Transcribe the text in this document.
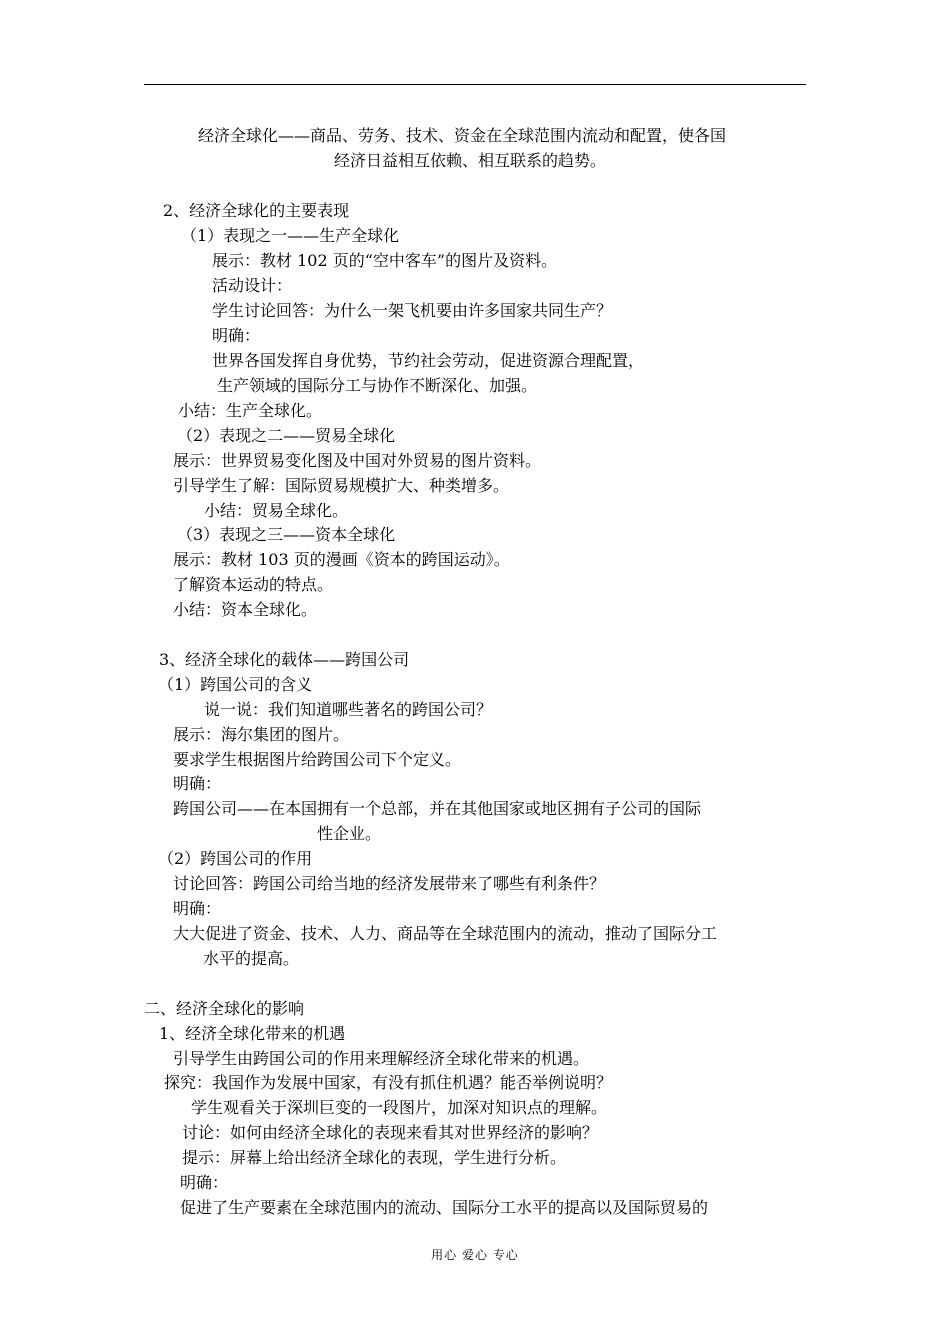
经济全球化——商品、劳务、技术、资金在全球范围内流动和配置，使各国
经济日益相互依赖、相互联系的趋势。
2、经济全球化的主要表现
（1）表现之一——生产全球化
展示：教材 102 页的“空中客车”的图片及资料。
活动设计：
学生讨论回答：为什么一架飞机要由许多国家共同生产？
明确：
世界各国发挥自身优势，节约社会劳动，促进资源合理配置，
生产领域的国际分工与协作不断深化、加强。
小结：生产全球化。
（2）表现之二——贸易全球化
展示：世界贸易变化图及中国对外贸易的图片资料。
引导学生了解：国际贸易规模扩大、种类增多。
小结：贸易全球化。
（3）表现之三——资本全球化
展示：教材 103 页的漫画《资本的跨国运动》。
了解资本运动的特点。
小结：资本全球化。
3、经济全球化的载体——跨国公司
（1）跨国公司的含义
说一说：我们知道哪些著名的跨国公司？
展示：海尔集团的图片。
要求学生根据图片给跨国公司下个定义。
明确：
跨国公司——在本国拥有一个总部，并在其他国家或地区拥有子公司的国际
性企业。
（2）跨国公司的作用
讨论回答：跨国公司给当地的经济发展带来了哪些有利条件？
明确：
大大促进了资金、技术、人力、商品等在全球范围内的流动，推动了国际分工
水平的提高。
二、经济全球化的影响
1、经济全球化带来的机遇
引导学生由跨国公司的作用来理解经济全球化带来的机遇。
探究：我国作为发展中国家，有没有抓住机遇？能否举例说明？
学生观看关于深圳巨变的一段图片，加深对知识点的理解。
讨论：如何由经济全球化的表现来看其对世界经济的影响？
提示：屏幕上给出经济全球化的表现，学生进行分析。
明确：
促进了生产要素在全球范围内的流动、国际分工水平的提高以及国际贸易的
用心 爱心 专心
